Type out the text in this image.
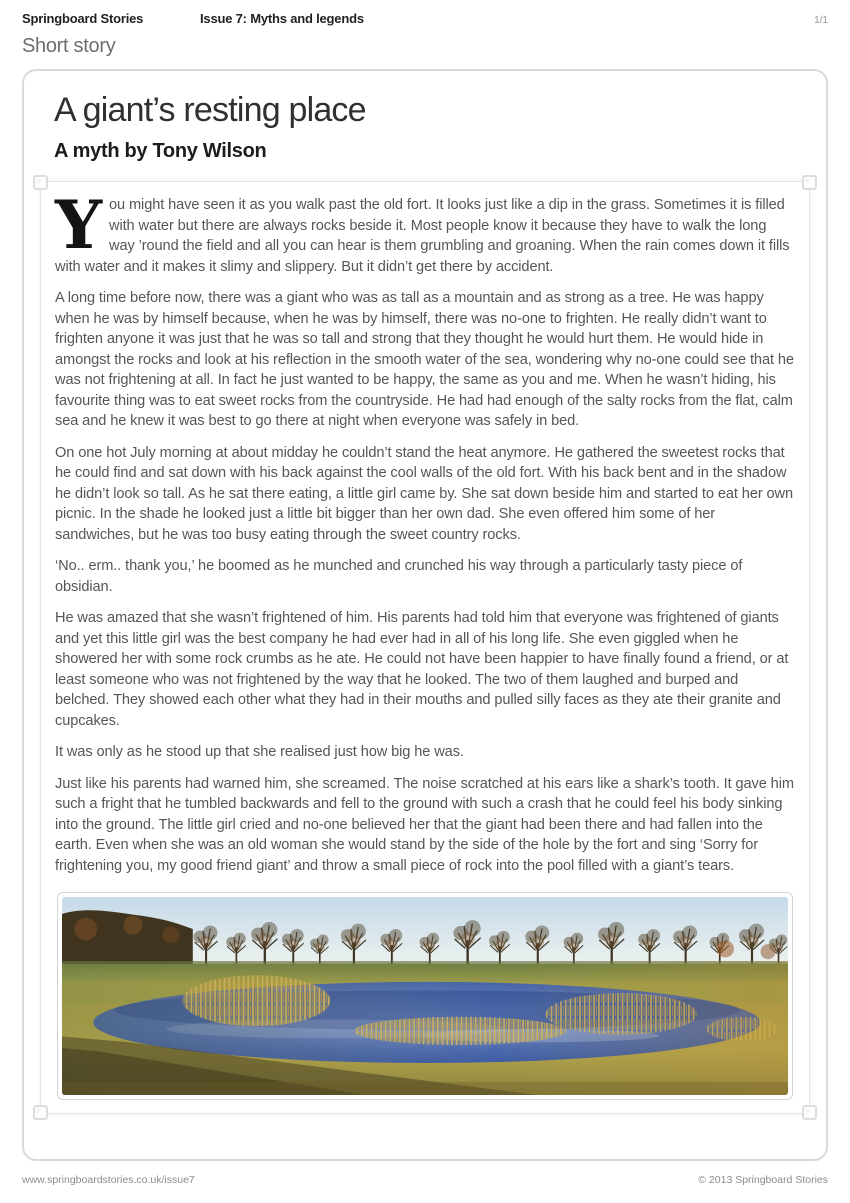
Springboard Stories	Issue 7: Myths and legends	1/1
Short story
A giant’s resting place
A myth by Tony Wilson

You might have seen it as you walk past the old fort. It looks just like a dip in the grass. Sometimes it is filled with water but there are always rocks beside it. Most people know it because they have to walk the long way ’round the field and all you can hear is them grumbling and groaning. When the rain comes down it fills with water and it makes it slimy and slippery. But it didn’t get there by accident.

A long time before now, there was a giant who was as tall as a mountain and as strong as a tree. He was happy when he was by himself because, when he was by himself, there was no-one to frighten. He really didn’t want to frighten anyone it was just that he was so tall and strong that they thought he would hurt them. He would hide in amongst the rocks and look at his reflection in the smooth water of the sea, wondering why no-one could see that he was not frightening at all. In fact he just wanted to be happy, the same as you and me. When he wasn’t hiding, his favourite thing was to eat sweet rocks from the countryside. He had had enough of the salty rocks from the flat, calm sea and he knew it was best to go there at night when everyone was safely in bed.

On one hot July morning at about midday he couldn’t stand the heat anymore. He gathered the sweetest rocks that he could find and sat down with his back against the cool walls of the old fort. With his back bent and in the shadow he didn’t look so tall. As he sat there eating, a little girl came by. She sat down beside him and started to eat her own picnic. In the shade he looked just a little bit bigger than her own dad. She even offered him some of her sandwiches, but he was too busy eating through the sweet country rocks.

‘No.. erm.. thank you,’ he boomed as he munched and crunched his way through a particularly tasty piece of obsidian.

He was amazed that she wasn’t frightened of him. His parents had told him that everyone was frightened of giants and yet this little girl was the best company he had ever had in all of his long life. She even giggled when he showered her with some rock crumbs as he ate. He could not have been happier to have finally found a friend, or at least someone who was not frightened by the way that he looked. The two of them laughed and burped and belched. They showed each other what they had in their mouths and pulled silly faces as they ate their granite and cupcakes.

It was only as he stood up that she realised just how big he was.

Just like his parents had warned him, she screamed. The noise scratched at his ears like a shark’s tooth. It gave him such a fright that he tumbled backwards and fell to the ground with such a crash that he could feel his body sinking into the ground. The little girl cried and no-one believed her that the giant had been there and had fallen into the earth. Even when she was an old woman she would stand by the side of the hole by the fort and sing ‘Sorry for frightening you, my good friend giant’ and throw a small piece of rock into the pool filled with a giant’s tears.

www.springboardstories.co.uk/issue7	© 2013 Springboard Stories
